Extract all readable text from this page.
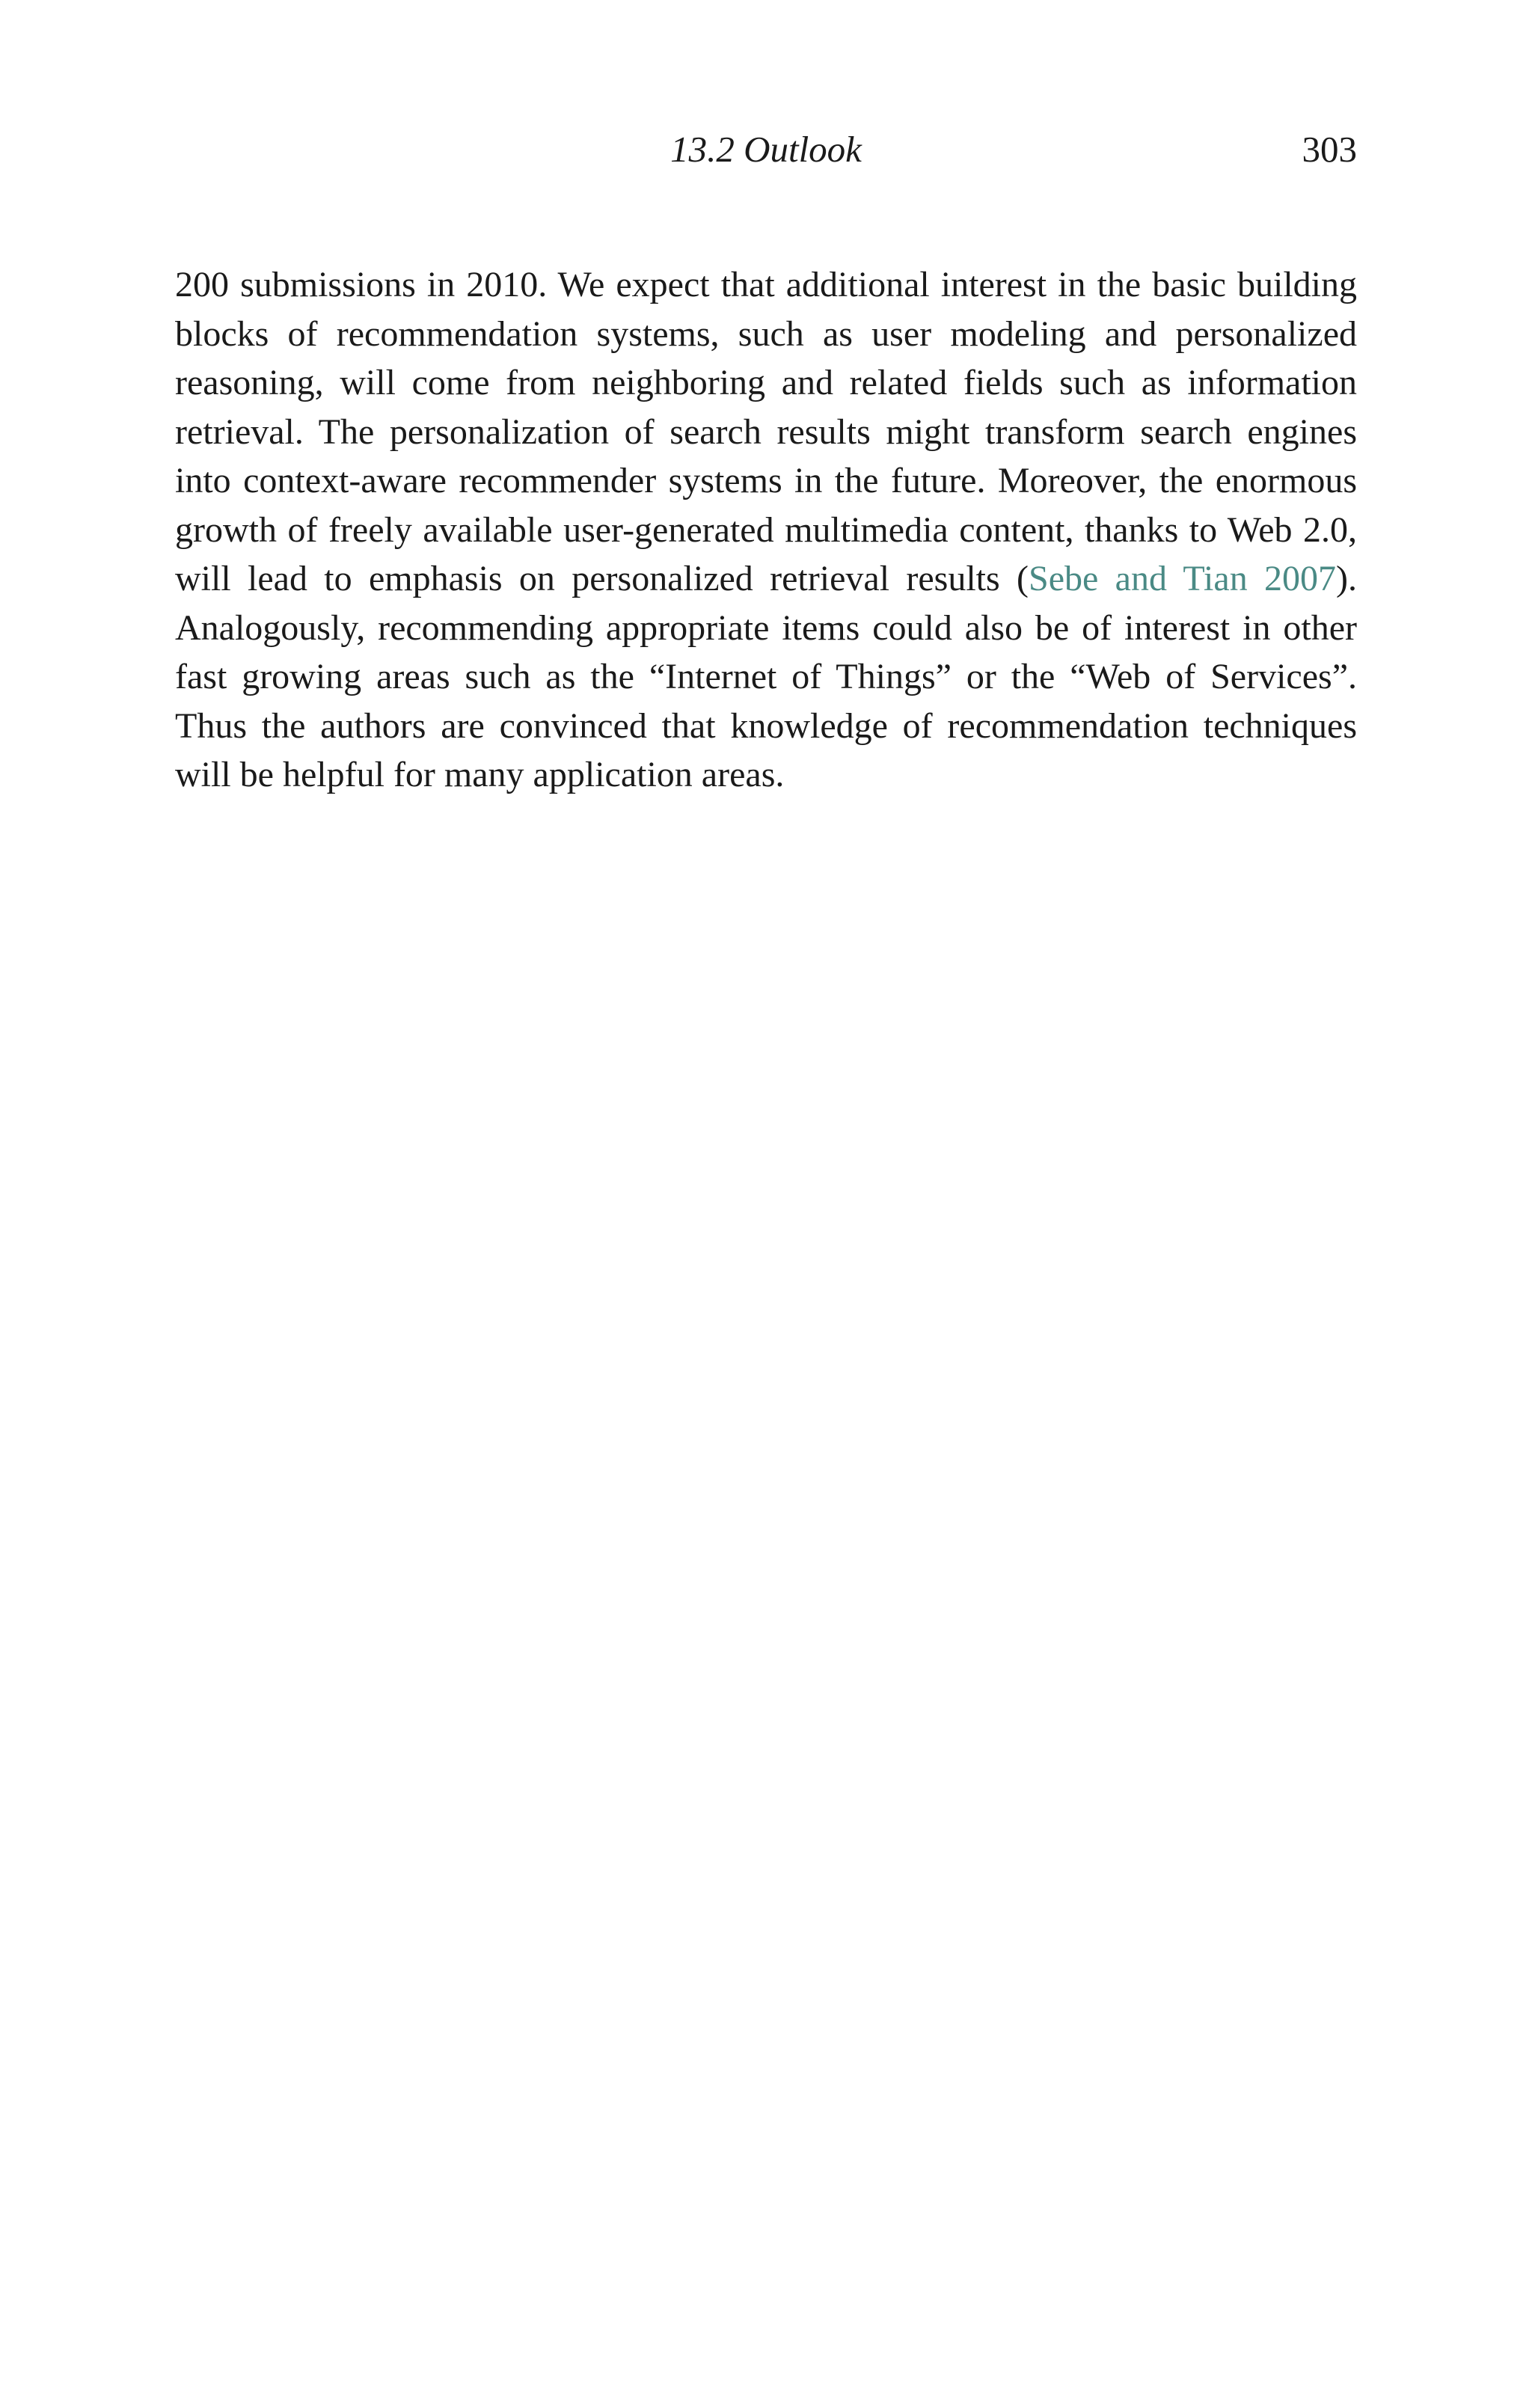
13.2 Outlook	303

200 submissions in 2010. We expect that additional interest in the basic building blocks of recommendation systems, such as user modeling and personalized reasoning, will come from neighboring and related fields such as information retrieval. The personalization of search results might transform search engines into context-aware recommender systems in the future. Moreover, the enormous growth of freely available user-generated multimedia content, thanks to Web 2.0, will lead to emphasis on personalized retrieval results (Sebe and Tian 2007). Analogously, recommending appropriate items could also be of interest in other fast growing areas such as the “Internet of Things” or the “Web of Services”. Thus the authors are convinced that knowledge of recommendation techniques will be helpful for many application areas.
